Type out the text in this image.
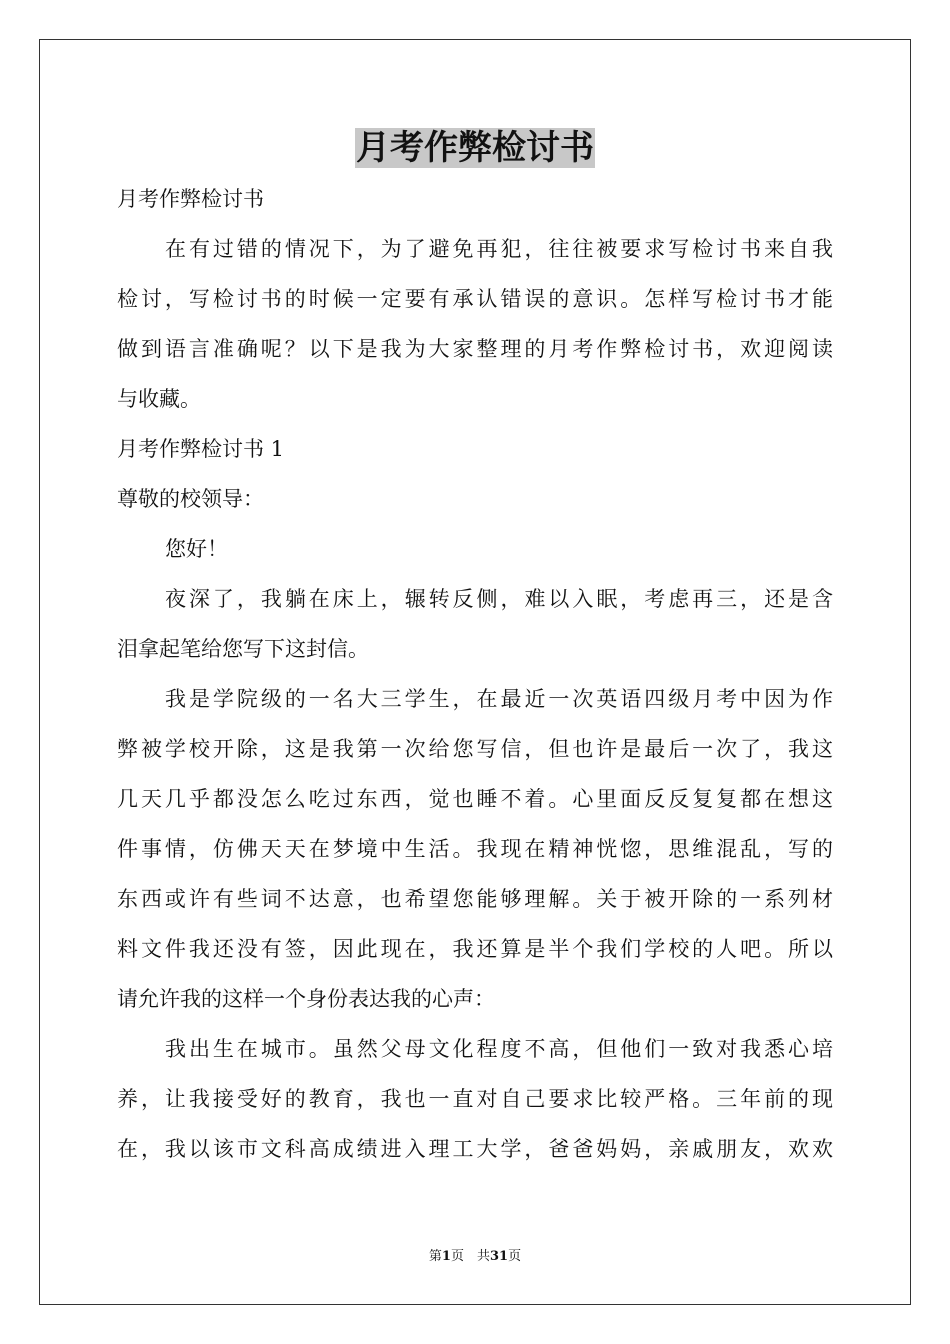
月考作弊检讨书
月考作弊检讨书
在有过错的情况下，为了避免再犯，往往被要求写检讨书来自我
检讨，写检讨书的时候一定要有承认错误的意识。怎样写检讨书才能
做到语言准确呢？以下是我为大家整理的月考作弊检讨书，欢迎阅读
与收藏。
月考作弊检讨书 1
尊敬的校领导：
您好！
夜深了，我躺在床上，辗转反侧，难以入眠，考虑再三，还是含
泪拿起笔给您写下这封信。
我是学院级的一名大三学生，在最近一次英语四级月考中因为作
弊被学校开除，这是我第一次给您写信，但也许是最后一次了，我这
几天几乎都没怎么吃过东西，觉也睡不着。心里面反反复复都在想这
件事情，仿佛天天在梦境中生活。我现在精神恍惚，思维混乱，写的
东西或许有些词不达意，也希望您能够理解。关于被开除的一系列材
料文件我还没有签，因此现在，我还算是半个我们学校的人吧。所以
请允许我的这样一个身份表达我的心声：
我出生在城市。虽然父母文化程度不高，但他们一致对我悉心培
养，让我接受好的教育，我也一直对自己要求比较严格。三年前的现
在，我以该市文科高成绩进入理工大学，爸爸妈妈，亲戚朋友，欢欢
第1页　共31页
